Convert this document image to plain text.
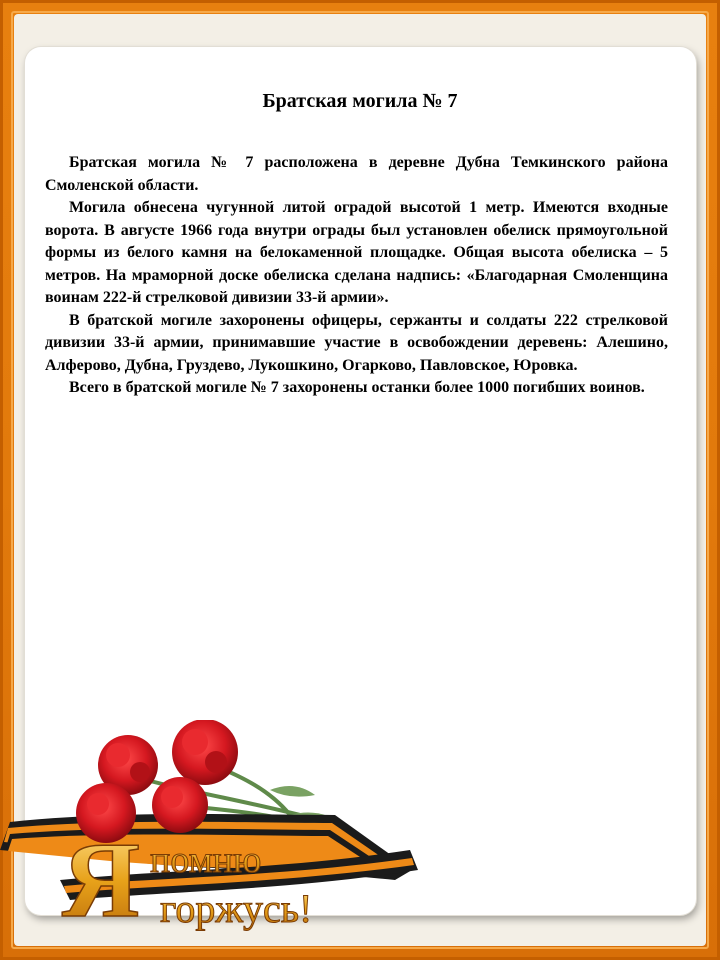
Братская могила № 7

Братская могила № 7 расположена в деревне Дубна Темкинского района Смоленской области.

Могила обнесена чугунной литой оградой высотой 1 метр. Имеются входные ворота. В августе 1966 года внутри ограды был установлен обелиск прямоугольной формы из белого камня на белокаменной площадке. Общая высота обелиска – 5 метров. На мраморной доске обелиска сделана надпись: «Благодарная Смоленщина воинам 222-й стрелковой дивизии 33-й армии».

В братской могиле захоронены офицеры, сержанты и солдаты 222 стрелковой дивизии 33-й армии, принимавшие участие в освобождении деревень: Алешино, Алферово, Дубна, Груздево, Лукошкино, Огарково, Павловское, Юровка.

Всего в братской могиле № 7 захоронены останки более 1000 погибших воинов.

Я помню
горжусь!
